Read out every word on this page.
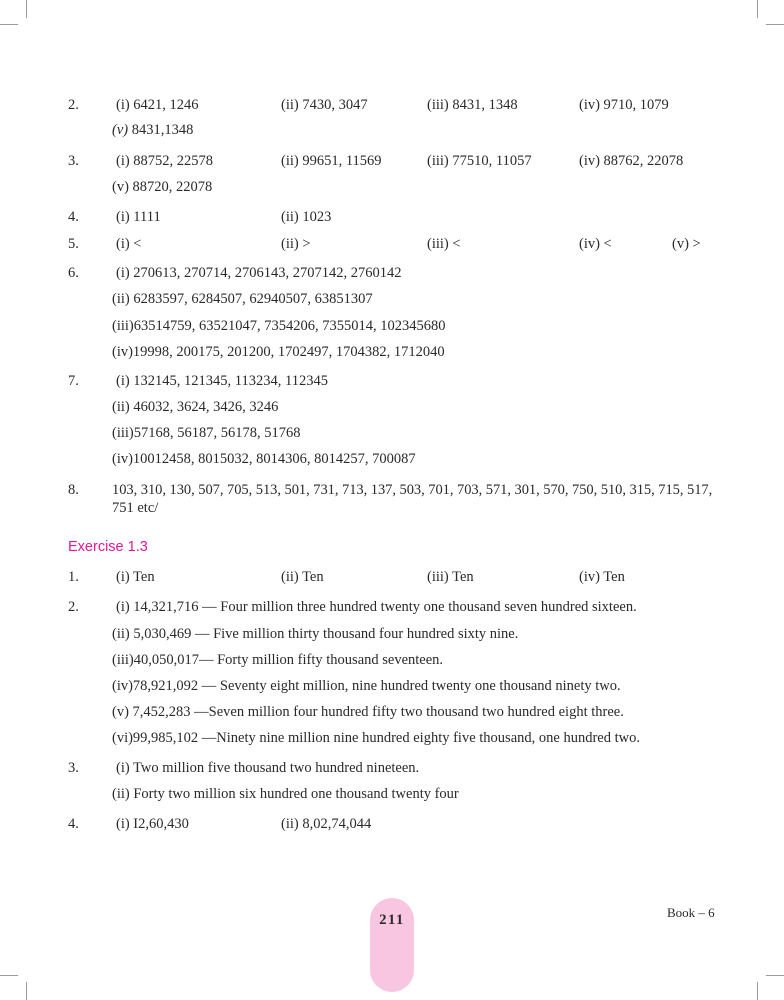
2.	(i) 6421, 1246	(ii) 7430, 3047	(iii) 8431, 1348	(iv) 9710, 1079
(v) 8431,1348
3.	(i) 88752, 22578	(ii) 99651, 11569	(iii) 77510, 11057	(iv) 88762, 22078
(v) 88720, 22078
4.	(i) 1111	(ii) 1023
5.	(i) <	(ii) >	(iii) <	(iv) <	(v) >
6.	(i) 270613, 270714, 2706143, 2707142, 2760142
(ii) 6283597, 6284507, 62940507, 63851307
(iii)63514759, 63521047, 7354206, 7355014, 102345680
(iv)19998, 200175, 201200, 1702497, 1704382, 1712040
7.	(i) 132145, 121345, 113234, 112345
(ii) 46032, 3624, 3426, 3246
(iii)57168, 56187, 56178, 51768
(iv)10012458, 8015032, 8014306, 8014257, 700087
8. 103, 310, 130, 507, 705, 513, 501, 731, 713, 137, 503, 701, 703, 571, 301, 570, 750, 510, 315, 715, 517,
751 etc/
Exercise 1.3
1.	(i) Ten	(ii) Ten	(iii) Ten	(iv) Ten
2.	(i) 14,321,716 — Four million three hundred twenty one thousand seven hundred sixteen.
(ii) 5,030,469 — Five million thirty thousand four hundred sixty nine.
(iii)40,050,017— Forty million fifty thousand seventeen.
(iv)78,921,092 — Seventy eight million, nine hundred twenty one thousand ninety two.
(v) 7,452,283 —Seven million four hundred fifty two thousand two hundred eight three.
(vi)99,985,102 —Ninety nine million nine hundred eighty five thousand, one hundred two.
3.	(i) Two million five thousand two hundred nineteen.
(ii) Forty two million six hundred one thousand twenty four
4.	(i) I2,60,430	(ii) 8,02,74,044
211	Book – 6
